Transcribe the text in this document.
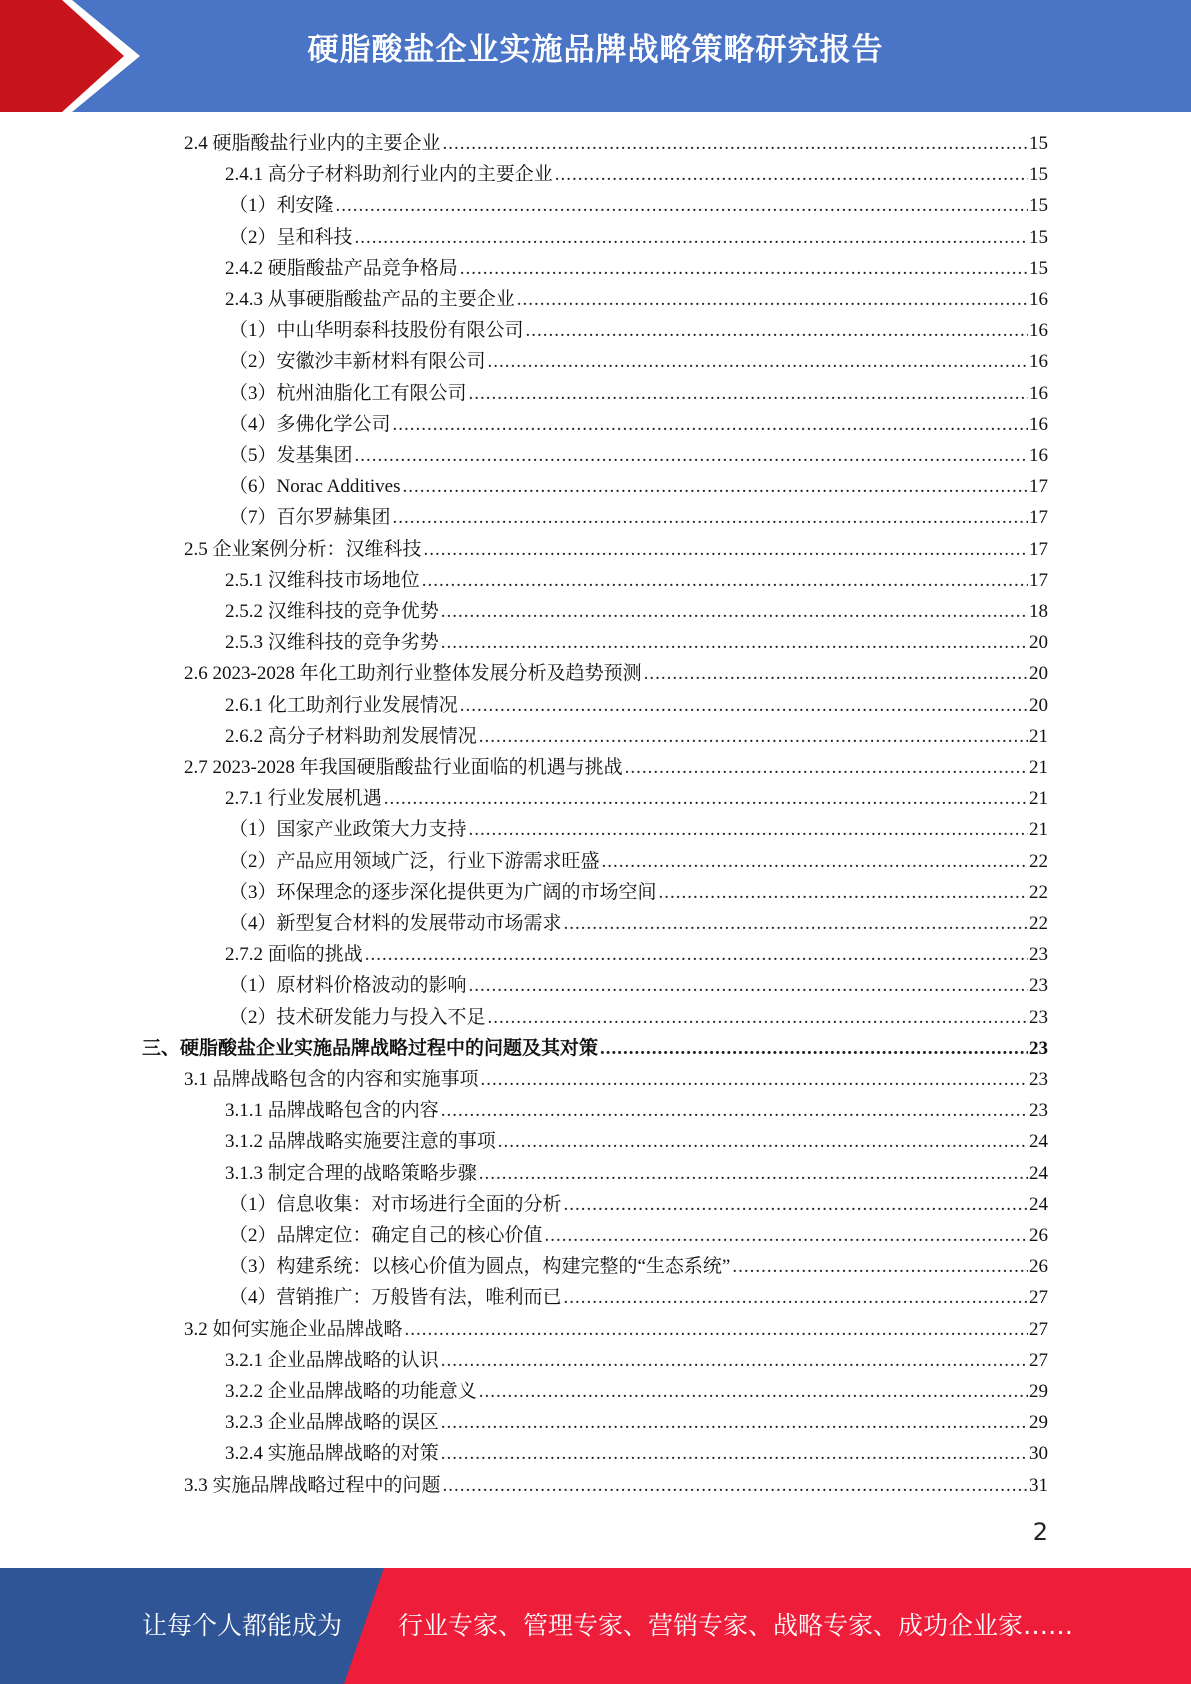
硬脂酸盐企业实施品牌战略策略研究报告
2.4 硬脂酸盐行业内的主要企业 .....	15
2.4.1 高分子材料助剂行业内的主要企业 .....	15
（1）利安隆 .....	15
（2）呈和科技 .....	15
2.4.2 硬脂酸盐产品竞争格局 .....	15
2.4.3 从事硬脂酸盐产品的主要企业 .....	16
（1）中山华明泰科技股份有限公司 .....	16
（2）安徽沙丰新材料有限公司 .....	16
（3）杭州油脂化工有限公司 .....	16
（4）多佛化学公司 .....	16
（5）发基集团 .....	16
（6）Norac Additives .....	17
（7）百尔罗赫集团 .....	17
2.5 企业案例分析：汉维科技 .....	17
2.5.1 汉维科技市场地位 .....	17
2.5.2 汉维科技的竞争优势 .....	18
2.5.3 汉维科技的竞争劣势 .....	20
2.6 2023-2028 年化工助剂行业整体发展分析及趋势预测 .....	20
2.6.1 化工助剂行业发展情况 .....	20
2.6.2 高分子材料助剂发展情况 .....	21
2.7 2023-2028 年我国硬脂酸盐行业面临的机遇与挑战 .....	21
2.7.1 行业发展机遇 .....	21
（1）国家产业政策大力支持 .....	21
（2）产品应用领域广泛，行业下游需求旺盛 .....	22
（3）环保理念的逐步深化提供更为广阔的市场空间 .....	22
（4）新型复合材料的发展带动市场需求 .....	22
2.7.2 面临的挑战 .....	23
（1）原材料价格波动的影响 .....	23
（2）技术研发能力与投入不足 .....	23
三、硬脂酸盐企业实施品牌战略过程中的问题及其对策 .....	23
3.1 品牌战略包含的内容和实施事项 .....	23
3.1.1 品牌战略包含的内容 .....	23
3.1.2 品牌战略实施要注意的事项 .....	24
3.1.3 制定合理的战略策略步骤 .....	24
（1）信息收集：对市场进行全面的分析 .....	24
（2）品牌定位：确定自己的核心价值 .....	26
（3）构建系统：以核心价值为圆点，构建完整的“生态系统” .....	26
（4）营销推广：万般皆有法，唯利而已 .....	27
3.2 如何实施企业品牌战略 .....	27
3.2.1 企业品牌战略的认识 .....	27
3.2.2 企业品牌战略的功能意义 .....	29
3.2.3 企业品牌战略的误区 .....	29
3.2.4 实施品牌战略的对策 .....	30
3.3 实施品牌战略过程中的问题 .....	31
2
让每个人都能成为 行业专家、管理专家、营销专家、战略专家、成功企业家……
